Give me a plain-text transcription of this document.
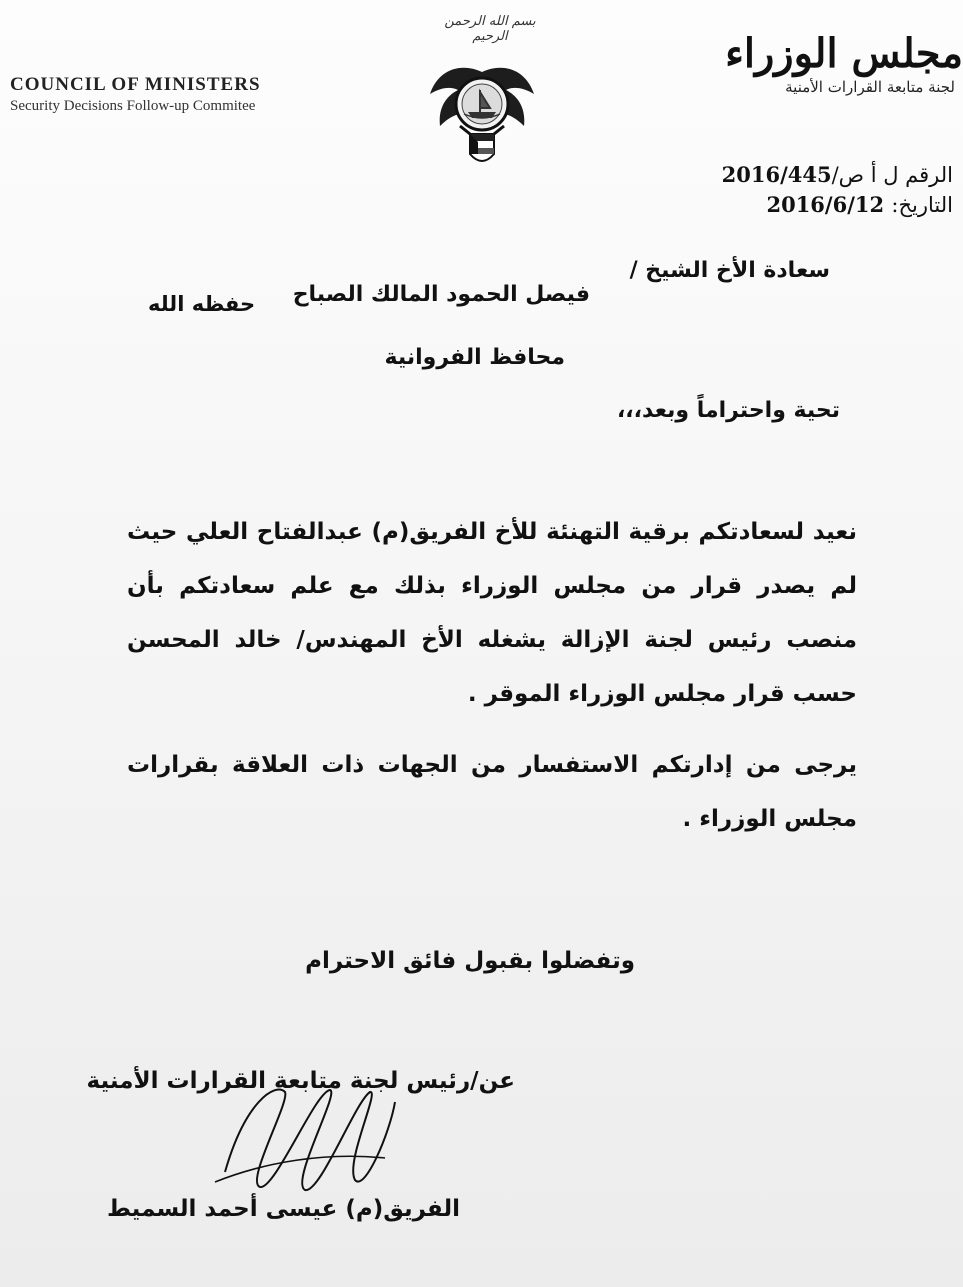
COUNCIL OF MINISTERS
Security Decisions Follow-up Commitee
بسم الله الرحمن الرحيم	مجلس الوزراء
لجنة متابعة القرارات الأمنية
الرقم ل أ ص/2016/445
التاريخ: 2016/6/12
سعادة الأخ الشيخ /
فيصل الحمود المالك الصباح
حفظه الله
محافظ الفروانية
تحية واحتراماً وبعد،،،
نعيد لسعادتكم برقية التهنئة للأخ الفريق(م) عبدالفتاح العلي حيث لم يصدر قرار من مجلس الوزراء بذلك مع علم سعادتكم بأن منصب رئيس لجنة الإزالة يشغله الأخ المهندس/ خالد المحسن حسب قرار مجلس الوزراء الموقر .
يرجى من إدارتكم الاستفسار من الجهات ذات العلاقة بقرارات مجلس الوزراء .
وتفضلوا بقبول فائق الاحترام
عن/رئيس لجنة متابعة القرارات الأمنية
الفريق(م) عيسى أحمد السميط
